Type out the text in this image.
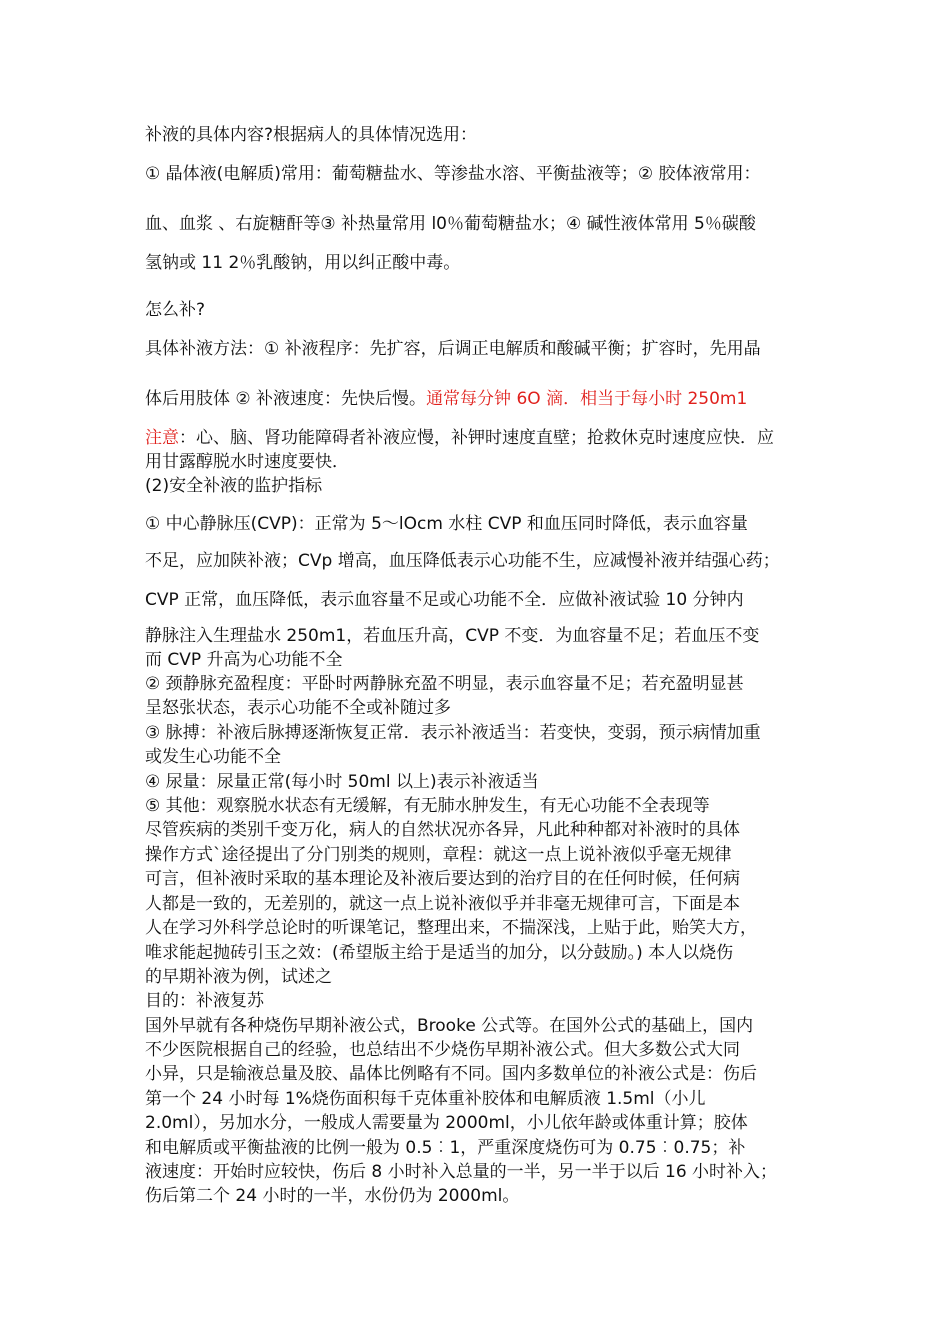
补液的具体内容?根据病人的具体情况选用：
① 晶体液(电解质)常用：葡萄糖盐水、等渗盐水溶、平衡盐液等；② 胶体液常用：
血、血浆 、右旋糖酐等③ 补热量常用 l0％葡萄糖盐水；④ 碱性液体常用 5％碳酸
氢钠或 11 2％乳酸钠，用以纠正酸中毒。
怎么补?
具体补液方法：① 补液程序：先扩容，后调正电解质和酸碱平衡；扩容时，先用晶
体后用肢体 ② 补液速度：先快后慢。通常每分钟 6O 滴．相当于每小时 250m1
注意：心、脑、肾功能障碍者补液应慢，补钾时速度直壁；抢救休克时速度应快．应
用甘露醇脱水时速度要快．
(2)安全补液的监护指标
① 中心静脉压(CVP)：正常为 5～lOcm 水柱 CVP 和血压同时降低，表示血容量
不足，应加陕补液；CVp 增高，血压降低表示心功能不生，应减慢补液并结强心药；
CVP 正常，血压降低，表示血容量不足或心功能不全．应做补液试验 10 分钟内
静脉注入生理盐水 250m1，若血压升高，CVP 不变．为血容量不足；若血压不变
而 CVP 升高为心功能不全
② 颈静脉充盈程度：平卧时两静脉充盈不明显，表示血容量不足；若充盈明显甚
呈怒张状态，表示心功能不全或补随过多
③ 脉搏：补液后脉搏逐渐恢复正常．表示补液适当：若变快，变弱，预示病情加重
或发生心功能不全
④ 尿量：尿量正常(每小时 50ml 以上)表示补液适当
⑤ 其他：观察脱水状态有无缓解，有无肺水肿发生，有无心功能不全表现等
尽管疾病的类别千变万化，病人的自然状况亦各异，凡此种种都对补液时的具体
操作方式`途径提出了分门别类的规则，章程：就这一点上说补液似乎毫无规律
可言，但补液时采取的基本理论及补液后要达到的治疗目的在任何时候，任何病
人都是一致的，无差别的，就这一点上说补液似乎并非毫无规律可言，下面是本
人在学习外科学总论时的听课笔记，整理出来，不揣深浅，上贴于此，贻笑大方，
唯求能起抛砖引玉之效：(希望版主给于是适当的加分，以分鼓励。) 本人以烧伤
的早期补液为例，试述之
目的：补液复苏
国外早就有各种烧伤早期补液公式，Brooke 公式等。在国外公式的基础上，国内
不少医院根据自己的经验，也总结出不少烧伤早期补液公式。但大多数公式大同
小异，只是输液总量及胶、晶体比例略有不同。国内多数单位的补液公式是：伤后
第一个 24 小时每 1%烧伤面积每千克体重补胶体和电解质液 1.5ml（小儿
2.0ml），另加水分，一般成人需要量为 2000ml，小儿依年龄或体重计算；胶体
和电解质或平衡盐液的比例一般为 0.5︰1，严重深度烧伤可为 0.75︰0.75；补
液速度：开始时应较快，伤后 8 小时补入总量的一半，另一半于以后 16 小时补入；
伤后第二个 24 小时的一半，水份仍为 2000ml。
